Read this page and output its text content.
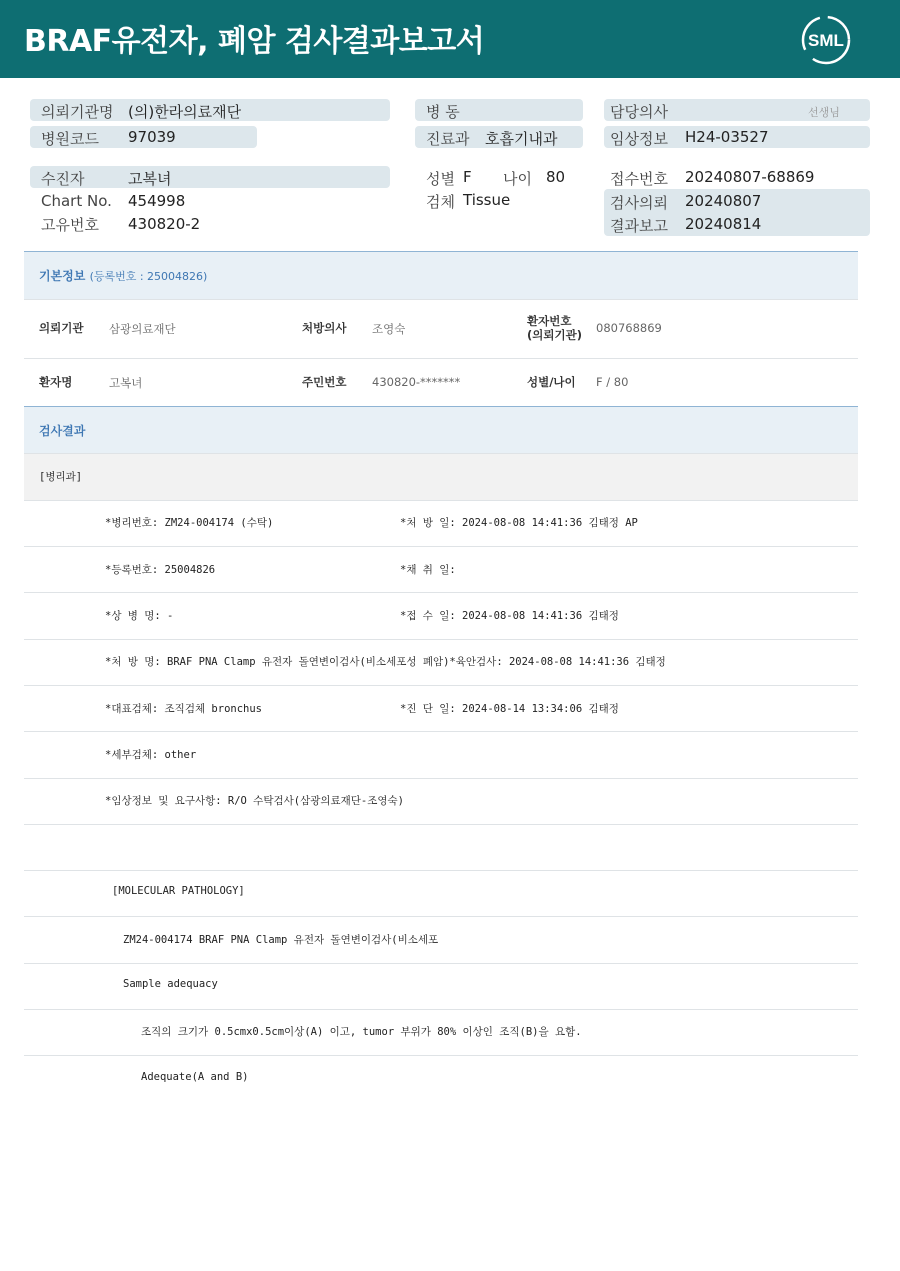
BRAF유전자, 폐암 검사결과보고서	SML
의뢰기관명 (의)한라의료재단
병원코드 97039
병 동
진료과 호흡기내과
담당의사	선생님
임상정보 H24-03527
수진자	고복녀
Chart No. 454998
고유번호 430820-2
성별 F 나이 80
검체 Tissue
접수번호 20240807-68869
검사의뢰 20240807
결과보고 20240814
기본정보 (등록번호 : 25004826)
의뢰기관 삼광의료재단	처방의사 조영숙
환자번호
(의뢰기관) 080768869
환자명	고복녀	주민번호 430820-*******	성별/나이 F / 80
검사결과
[병리과]
*병리번호: ZM24-004174 (수탁)	*처 방 일: 2024-08-08 14:41:36 김태정 AP
*등록번호: 25004826	*채 취 일:
*상 병 명: -	*접 수 일: 2024-08-08 14:41:36 김태정
*처 방 명: BRAF PNA Clamp 유전자 돌연변이검사(비소세포성 폐암)*육안검사: 2024-08-08 14:41:36 김태정
*대표검체: 조직검체 bronchus	*진 단 일: 2024-08-14 13:34:06 김태정
*세부검체: other
*임상정보 및 요구사항: R/O 수탁검사(삼광의료재단-조영숙)
[MOLECULAR PATHOLOGY]
ZM24-004174 BRAF PNA Clamp 유전자 돌연변이검사(비소세포
Sample adequacy
조직의 크기가 0.5cmx0.5cm이상(A) 이고, tumor 부위가 80% 이상인 조직(B)을 요함.
Adequate(A and B)
